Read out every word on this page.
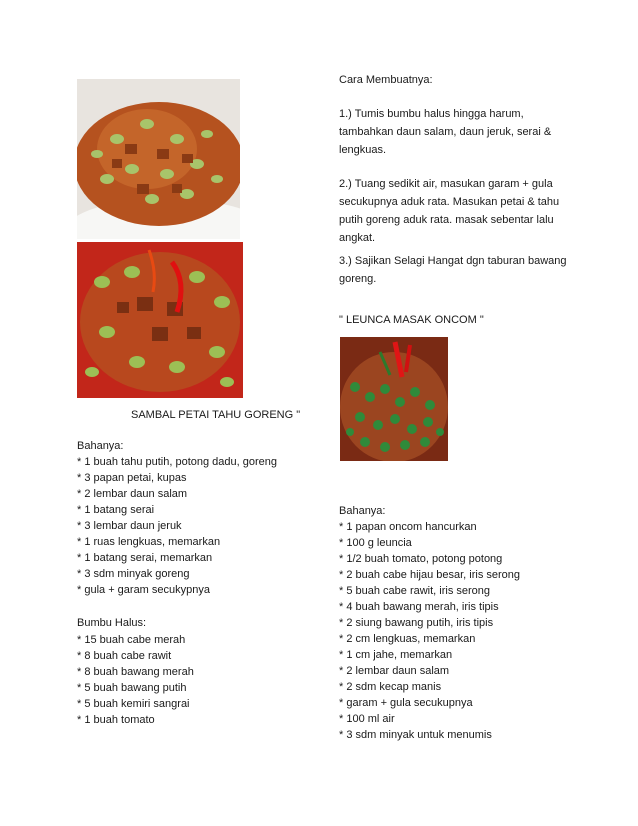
SAMBAL PETAI TAHU GORENG "
Bahanya:
* 1 buah tahu putih, potong dadu, goreng
* 3 papan petai, kupas
* 2 lembar daun salam
* 1 batang serai
* 3 lembar daun jeruk
* 1 ruas lengkuas, memarkan
* 1 batang serai, memarkan
* 3 sdm minyak goreng
* gula + garam secukypnya
Bumbu Halus:
* 15 buah cabe merah
* 8 buah cabe rawit
* 8 buah bawang merah
* 5 buah bawang putih
* 5 buah kemiri sangrai
* 1 buah tomato
Cara Membuatnya:
1.) Tumis bumbu halus hingga harum,
tambahkan daun salam, daun jeruk, serai &
lengkuas.
2.) Tuang sedikit air, masukan garam + gula
secukupnya aduk rata. Masukan petai & tahu
putih goreng aduk rata. masak sebentar lalu
angkat.
3.) Sajikan Selagi Hangat dgn taburan bawang
goreng.
" LEUNCA MASAK ONCOM "
Bahanya:
* 1 papan oncom hancurkan
* 100 g leuncia
* 1/2 buah tomato, potong potong
* 2 buah cabe hijau besar, iris serong
* 5 buah cabe rawit, iris serong
* 4 buah bawang merah, iris tipis
* 2 siung bawang putih, iris tipis
* 2 cm lengkuas, memarkan
* 1 cm jahe, memarkan
* 2 lembar daun salam
* 2 sdm kecap manis
* garam + gula secukupnya
* 100 ml air
* 3 sdm minyak untuk menumis
